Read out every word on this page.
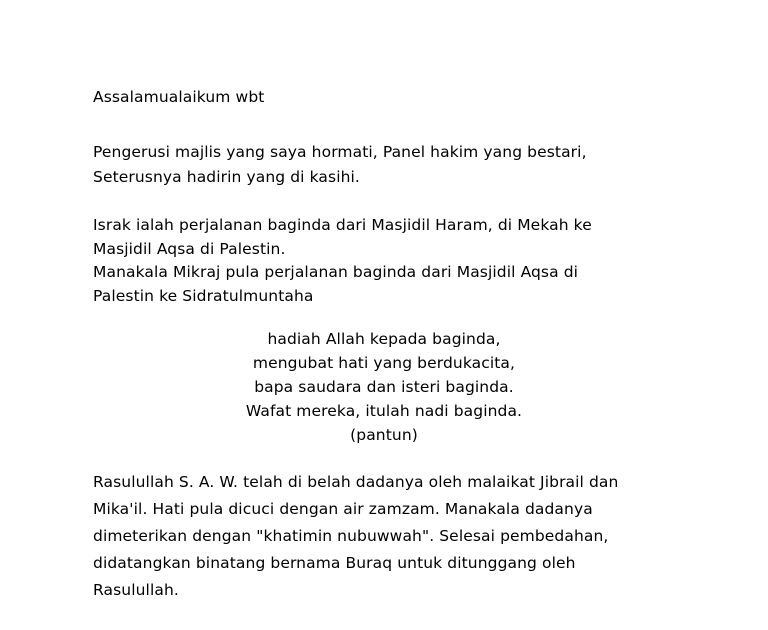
Assalamualaikum wbt
Pengerusi majlis yang saya hormati, Panel hakim yang bestari,
Seterusnya hadirin yang di kasihi.
Israk ialah perjalanan baginda dari Masjidil Haram, di Mekah ke
Masjidil Aqsa di Palestin.
Manakala Mikraj pula perjalanan baginda dari Masjidil Aqsa di
Palestin ke Sidratulmuntaha
hadiah Allah kepada baginda,
mengubat hati yang berdukacita,
bapa saudara dan isteri baginda.
Wafat mereka, itulah nadi baginda.
(pantun)
Rasulullah S. A. W. telah di belah dadanya oleh malaikat Jibrail dan
Mika'il. Hati pula dicuci dengan air zamzam. Manakala dadanya
dimeterikan dengan "khatimin nubuwwah". Selesai pembedahan,
didatangkan binatang bernama Buraq untuk ditunggang oleh
Rasulullah.
